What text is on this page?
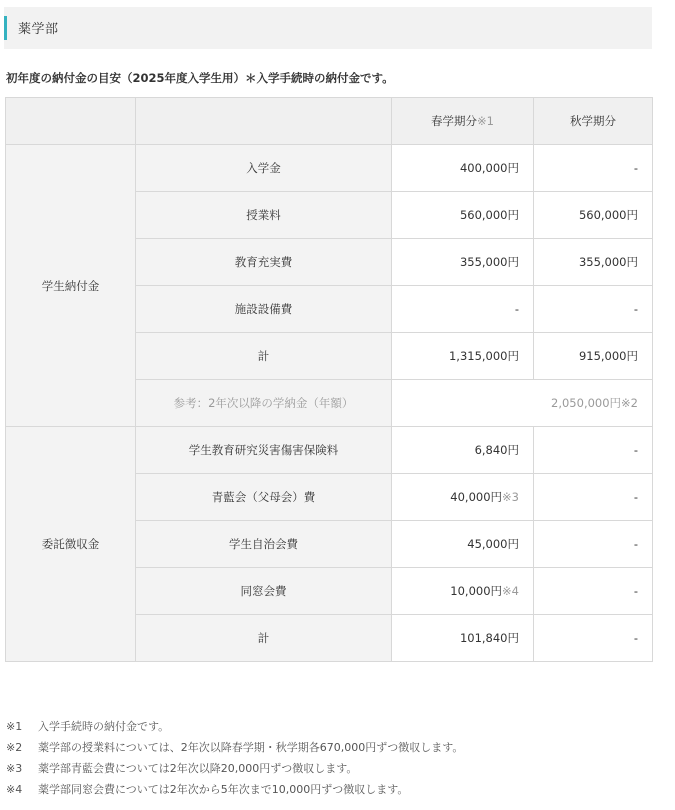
薬学部
初年度の納付金の目安（2025年度入学生用）＊入学手続時の納付金です。
		春学期分※1	秋学期分
学生納付金	入学金	400,000円	-
	授業料	560,000円	560,000円
	教育充実費	355,000円	355,000円
	施設設備費	-	-
	計	1,315,000円	915,000円
	参考：2年次以降の学納金（年額）	2,050,000円※2	
委託徴収金	学生教育研究災害傷害保険料	6,840円	-
	青藍会（父母会）費	40,000円※3	-
	学生自治会費	45,000円	-
	同窓会費	10,000円※4	-
	計	101,840円	-
※1 入学手続時の納付金です。
※2 薬学部の授業料については、2年次以降春学期・秋学期各670,000円ずつ徴収します。
※3 薬学部青藍会費については2年次以降20,000円ずつ徴収します。
※4 薬学部同窓会費については2年次から5年次まで10,000円ずつ徴収します。
